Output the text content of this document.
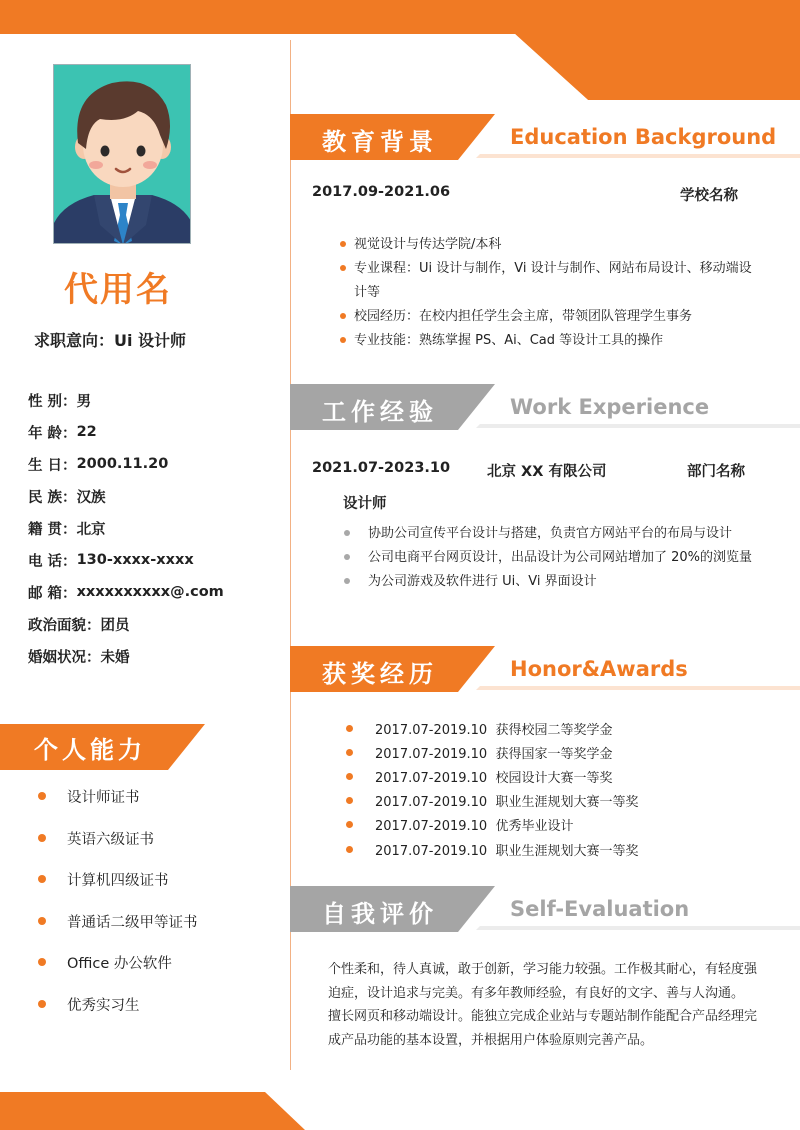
代用名
求职意向：Ui 设计师
性 别： 男
年 龄： 22
生 日： 2000.11.20
民 族： 汉族
籍 贯： 北京
电 话： 130-xxxx-xxxx
邮 箱： xxxxxxxxxx@.com
政治面貌： 团员
婚姻状况： 未婚
个人能力
设计师证书
英语六级证书
计算机四级证书
普通话二级甲等证书
Office 办公软件
优秀实习生
教育背景	Education Background
2017.09-2021.06	学校名称
视觉设计与传达学院/本科
专业课程：Ui 设计与制作，Vi 设计与制作、网站布局设计、移动端设计等
校园经历：在校内担任学生会主席，带领团队管理学生事务
专业技能：熟练掌握 PS、Ai、Cad 等设计工具的操作
工作经验	Work Experience
2021.07-2023.10	北京 XX 有限公司	部门名称
设计师
协助公司宣传平台设计与搭建，负责官方网站平台的布局与设计
公司电商平台网页设计，出品设计为公司网站增加了 20%的浏览量
为公司游戏及软件进行 Ui、Vi 界面设计
获奖经历	Honor&Awards
2017.07-2019.10  获得校园二等奖学金
2017.07-2019.10  获得国家一等奖学金
2017.07-2019.10  校园设计大赛一等奖
2017.07-2019.10  职业生涯规划大赛一等奖
2017.07-2019.10  优秀毕业设计
2017.07-2019.10  职业生涯规划大赛一等奖
自我评价	Self-Evaluation
个性柔和，待人真诚，敢于创新，学习能力较强。工作极其耐心，有轻度强迫症，设计追求与完美。有多年教师经验，有良好的文字、善与人沟通。
擅长网页和移动端设计。能独立完成企业站与专题站制作能配合产品经理完成产品功能的基本设置，并根据用户体验原则完善产品。
